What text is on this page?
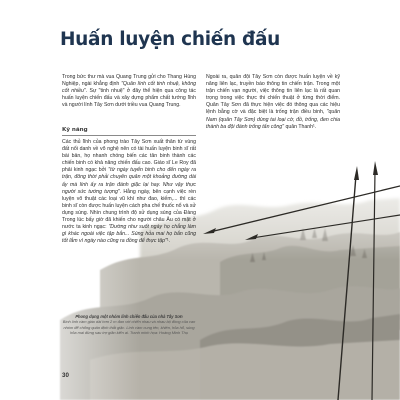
Huấn luyện chiến đấu

Trong bức thư mà vua Quang Trung gửi cho Thang Hùng Nghiệp, ngài khẳng định "Quân lính cốt tinh nhuệ, không cốt nhiều". Sự "tinh nhuệ" ở đây thể hiện qua công tác huấn luyện chiến đấu và xây dựng phẩm chất tướng lĩnh và người lính Tây Sơn dưới triều vua Quang Trung.

Kỹ năng

Các thủ lĩnh của phong trào Tây Sơn xuất thân từ vùng đất nổi danh về võ nghệ nên có tài huấn luyện binh sĩ rất bài bản, họ nhanh chóng biến các tân binh thành các chiến binh có khả năng chiến đấu cao. Giáo sĩ Le Roy đã phải kinh ngạc bởi "từ ngày tuyển binh cho đến ngày ra trận, đông thời phải chuyên quân một khoảng đường dài ấy mà lính ấy ra trận đánh giặc lại hay. Như vậy thực người sức tướng tượng". Hằng ngày, bên cạnh việc rèn luyện võ thuật các loại vũ khí như đao, kiếm,... thì các binh sĩ còn được huấn luyện cách pha chế thuốc nổ và sử dụng súng. Nhìn chung trình độ sử dụng súng của Đàng Trong lúc bấy giờ đã khiến cho người châu Âu có mặt ở nước ta kinh ngạc: "Dường như suốt ngày họ chẳng làm gì khác ngoài việc tập bắn... Súng hỏa mai họ bắn cũng tốt lắm vì ngày nào cũng ra đồng để thực tập"¹.

Ngoài ra, quân đội Tây Sơn còn được huấn luyện về kỹ năng liên lạc, truyền báo thông tin chiến trận. Trong một trận chiến vạn người, việc thông tin liên lạc là rất quan trọng trong việc thực thi chiến thuật ở từng thời điểm. Quân Tây Sơn đã thực hiện việc đó thông qua các hiệu lệnh bằng cờ và đặc biệt là trống trận điều binh, "quân Nam (quân Tây Sơn) dùng tai loại cờ, đồ, trống, đen chia thành ba đội đánh trống tấn công" quân Thanh¹.

Phong dụng một nhóm lính chiến đấu của nhà Tây Sơn
Bình lính cầm giáo dài hơn 2 m đan với chiến nhau và nhau bộ đồng của can nhóm để chống quân định thắt giặc. Lính cầm cung tên, khiên, hỏa hổ, súng hỏa mai đứng sau trợ giản kiến ai. Tranh minh họa: Hoàng Minh Thụ
30
